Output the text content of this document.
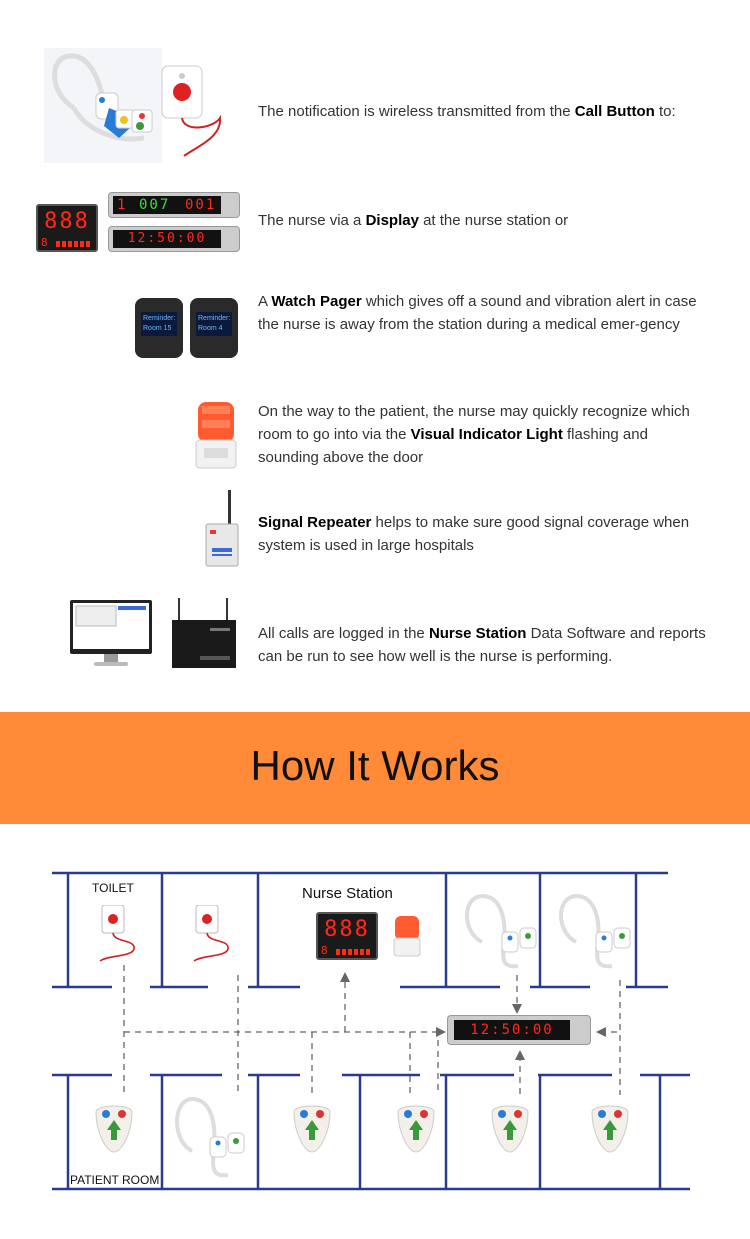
The notification is wireless transmitted from the Call Button to:
888
8
1 007 001
12:50:00
The nurse via a Display at the nurse station or
Reminder:
Room 15
Reminder:
Room 4
A Watch Pager which gives off a sound and vibration alert in case the nurse is away from the station during a medical emer-gency
On the way to the patient, the nurse may quickly recognize which room to go into via the Visual Indicator Light flashing and sounding above the door
Signal Repeater helps to make sure good signal coverage when system is used in large hospitals
All calls are logged in the Nurse Station Data Software and reports can be run to see how well is the nurse is performing.
How It Works
TOILET	Nurse Station
PATIENT ROOM
888
8
12:50:00
